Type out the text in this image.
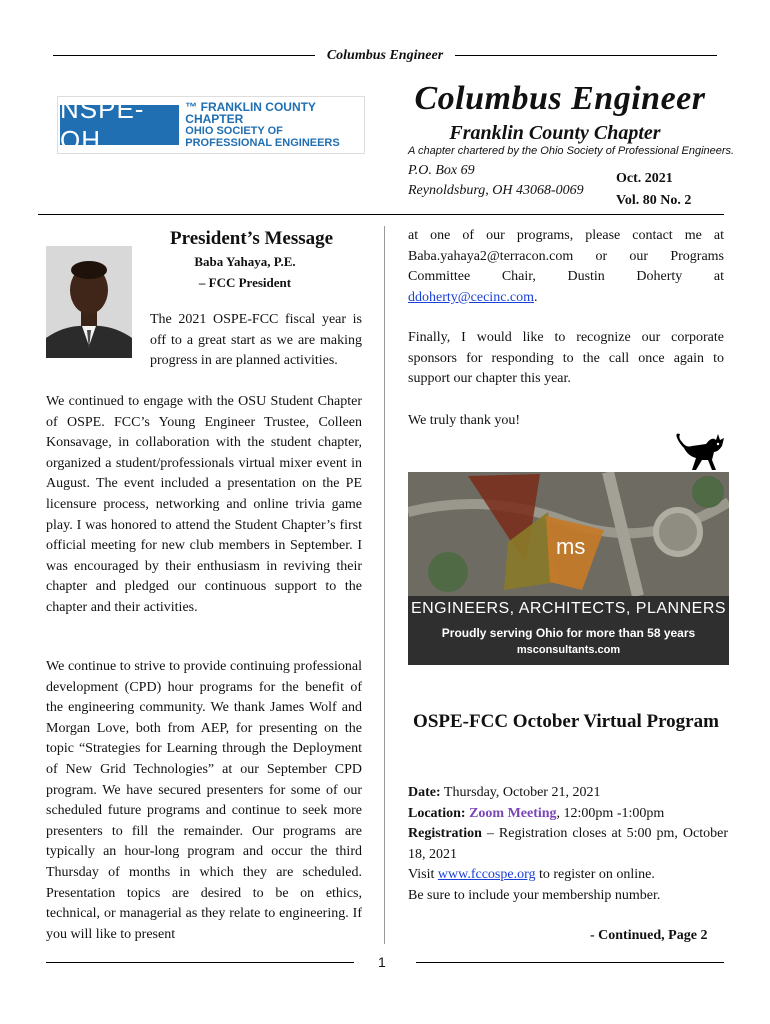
Columbus Engineer
NSPE-OH
™ FRANKLIN COUNTY CHAPTER
OHIO SOCIETY OF
PROFESSIONAL ENGINEERS
Columbus Engineer
Franklin County Chapter
A chapter chartered by the Ohio Society of Professional Engineers.
P.O. Box 69
Reynoldsburg, OH 43068-0069
Oct. 2021
Vol. 80 No. 2
President’s Message
Baba Yahaya, P.E.
– FCC President

The 2021 OSPE-FCC fiscal year is off to a great start as we are making progress in are planned activities.

We continued to engage with the OSU Student Chapter of OSPE. FCC’s Young Engineer Trustee, Colleen Konsavage, in collaboration with the student chapter, organized a student/professionals virtual mixer event in August. The event included a presentation on the PE licensure process, networking and online trivia game play. I was honored to attend the Student Chapter’s first official meeting for new club members in September. I was encouraged by their enthusiasm in reviving their chapter and pledged our continuous support to the chapter and their activities.

We continue to strive to provide continuing professional development (CPD) hour programs for the benefit of the engineering community. We thank James Wolf and Morgan Love, both from AEP, for presenting on the topic “Strategies for Learning through the Deployment of New Grid Technologies” at our September CPD program. We have secured presenters for some of our scheduled future programs and continue to seek more presenters to fill the remainder. Our programs are typically an hour-long program and occur the third Thursday of months in which they are scheduled. Presentation topics are desired to be on ethics, technical, or managerial as they relate to engineering. If you will like to present

at one of our programs, please contact me at Baba.yahaya2@terracon.com or our Programs Committee Chair, Dustin Doherty at ddoherty@cecinc.com.

Finally, I would like to recognize our corporate sponsors for responding to the call once again to support our chapter this year.

We truly thank you!

ms
ENGINEERS, ARCHITECTS, PLANNERS
Proudly serving Ohio for more than 58 years
msconsultants.com
OSPE-FCC October Virtual Program
Date: Thursday, October 21, 2021
Location: Zoom Meeting, 12:00pm -1:00pm
Registration – Registration closes at 5:00 pm, October 18, 2021
Visit www.fccospe.org to register on online.
Be sure to include your membership number.
- Continued, Page 2
1
